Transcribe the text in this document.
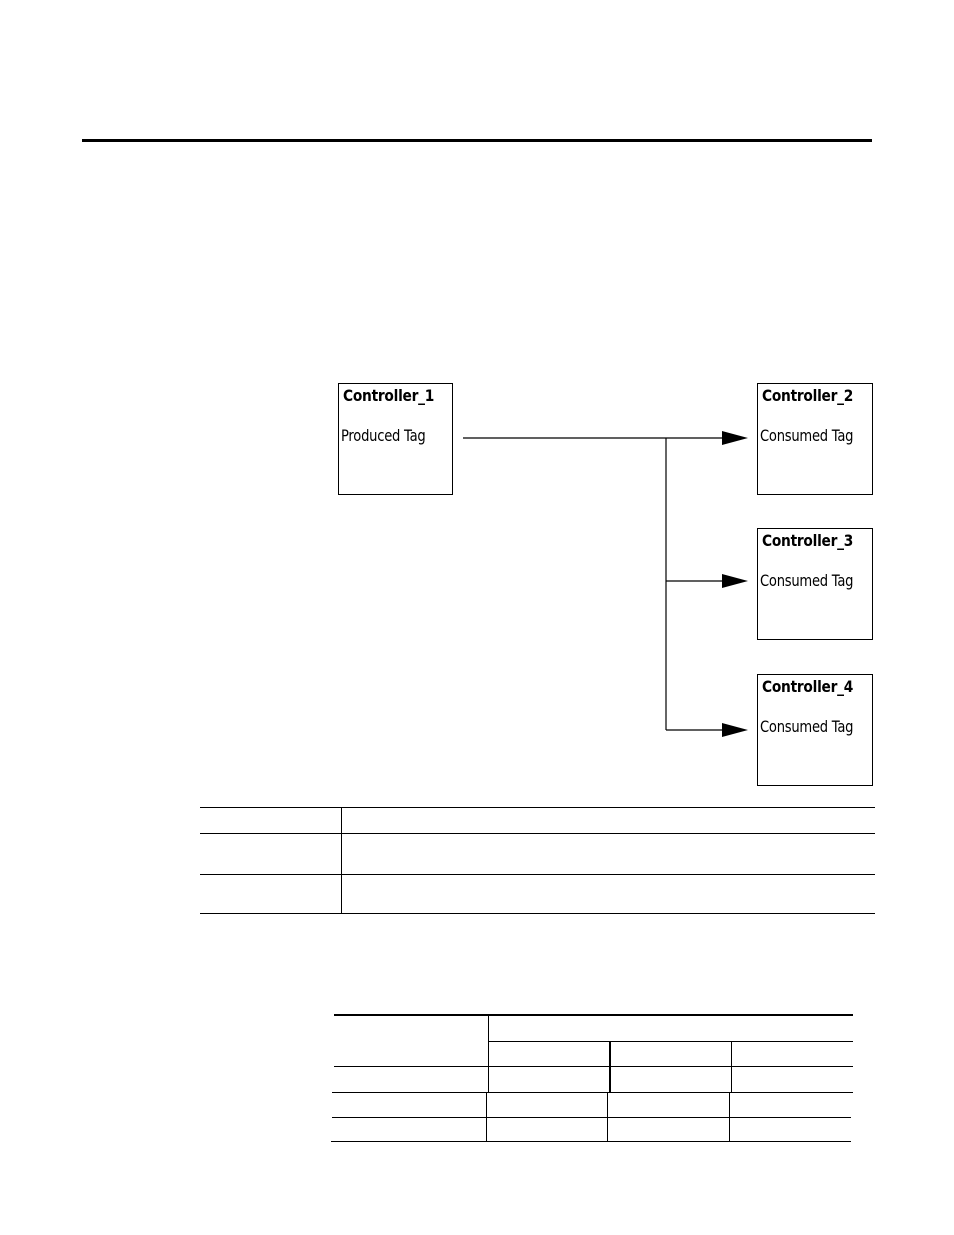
Controller_1
Produced Tag
Controller_2
Consumed Tag
Controller_3
Consumed Tag
Controller_4
Consumed Tag
